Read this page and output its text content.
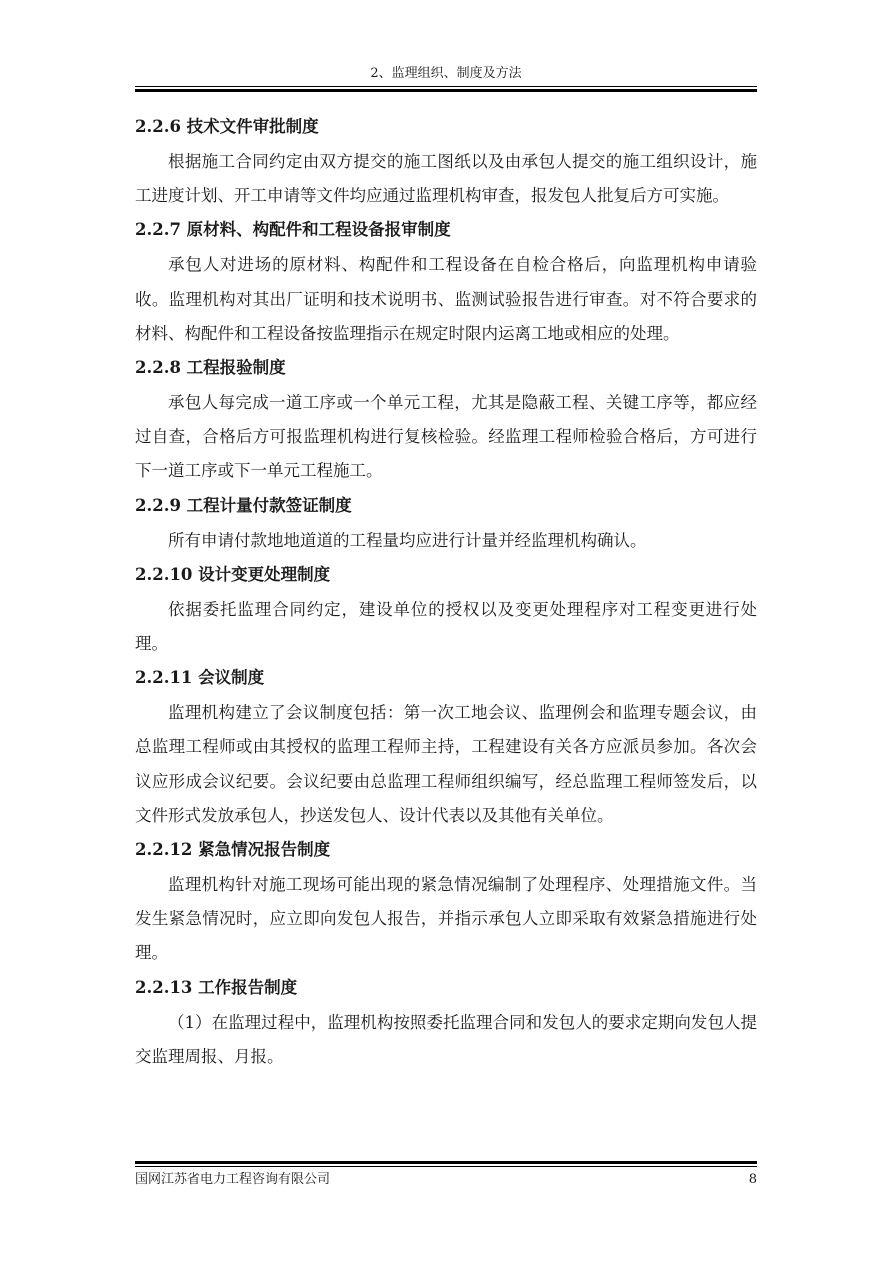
2、监理组织、制度及方法
2.2.6 技术文件审批制度

根据施工合同约定由双方提交的施工图纸以及由承包人提交的施工组织设计，施工进度计划、开工申请等文件均应通过监理机构审查，报发包人批复后方可实施。

2.2.7 原材料、构配件和工程设备报审制度

承包人对进场的原材料、构配件和工程设备在自检合格后，向监理机构申请验收。监理机构对其出厂证明和技术说明书、监测试验报告进行审查。对不符合要求的材料、构配件和工程设备按监理指示在规定时限内运离工地或相应的处理。

2.2.8 工程报验制度

承包人每完成一道工序或一个单元工程，尤其是隐蔽工程、关键工序等，都应经过自查，合格后方可报监理机构进行复核检验。经监理工程师检验合格后，方可进行下一道工序或下一单元工程施工。

2.2.9 工程计量付款签证制度

所有申请付款地地道道的工程量均应进行计量并经监理机构确认。

2.2.10 设计变更处理制度

依据委托监理合同约定，建设单位的授权以及变更处理程序对工程变更进行处理。

2.2.11 会议制度

监理机构建立了会议制度包括：第一次工地会议、监理例会和监理专题会议，由总监理工程师或由其授权的监理工程师主持，工程建设有关各方应派员参加。各次会议应形成会议纪要。会议纪要由总监理工程师组织编写，经总监理工程师签发后，以文件形式发放承包人，抄送发包人、设计代表以及其他有关单位。

2.2.12 紧急情况报告制度

监理机构针对施工现场可能出现的紧急情况编制了处理程序、处理措施文件。当发生紧急情况时，应立即向发包人报告，并指示承包人立即采取有效紧急措施进行处理。

2.2.13 工作报告制度

（1）在监理过程中，监理机构按照委托监理合同和发包人的要求定期向发包人提交监理周报、月报。

国网江苏省电力工程咨询有限公司	8
